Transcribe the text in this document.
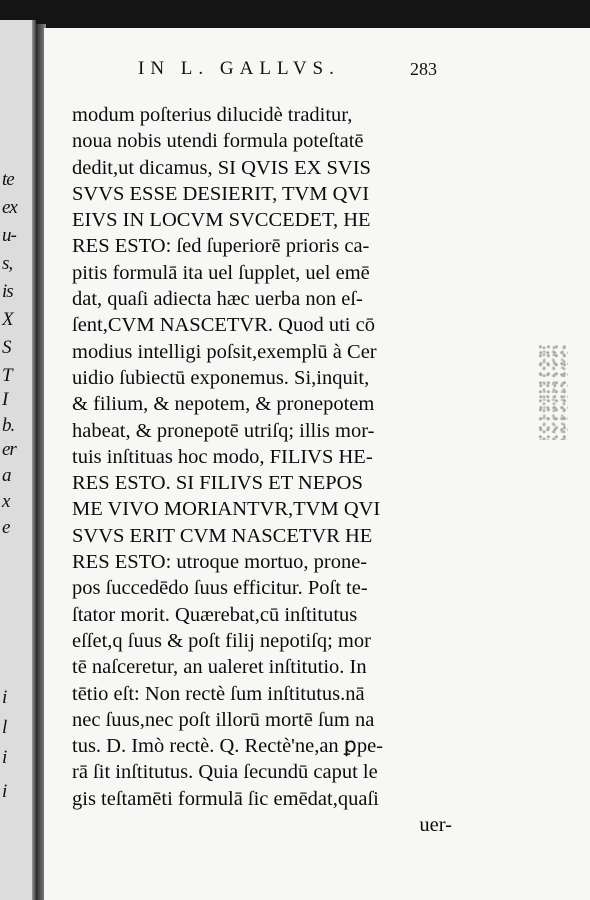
te
ex
u-
s,
is
X
S
T
I
b.
er
a
x
e
i
l
i
i
IN L. GALLVS.	283
modum poſterius dilucidè traditur,
noua nobis utendi formula poteſtatē
dedit,ut dicamus, SI QVIS EX SVIS
SVVS ESSE DESIERIT, TVM QVI
EIVS IN LOCVM SVCCEDET, HE
RES ESTO: ſed ſuperiorē prioris ca-
pitis formulā ita uel ſupplet, uel emē
dat, quaſi adiecta hæc uerba non eſ-
ſent,CVM NASCETVR. Quod uti cō
modius intelligi poſsit,exemplū à Cer
uidio ſubiectū exponemus. Si,inquit,
& filium, & nepotem, & pronepotem
habeat, & pronepotē utriſq; illis mor-
tuis inſtituas hoc modo, FILIVS HE-
RES ESTO. SI FILIVS ET NEPOS
ME VIVO MORIANTVR,TVM QVI
SVVS ERIT CVM NASCETVR HE
RES ESTO: utroque mortuo, prone-
pos ſuccedēdo ſuus efficitur. Poſt te-
ſtator morit. Quærebat,cū inſtitutus
eſſet,q ſuus & poſt filij nepotiſq; mor
tē naſceretur, an ualeret inſtitutio. In
tētio eſt: Non rectè ſum inſtitutus.nā
nec ſuus,nec poſt illorū mortē ſum na
tus. D. Imò rectè. Q. Rectè'ne,an ꝑpe-
rā ſit inſtitutus. Quia ſecundū caput le
gis teſtamēti formulā ſic emēdat,quaſi
uer-
